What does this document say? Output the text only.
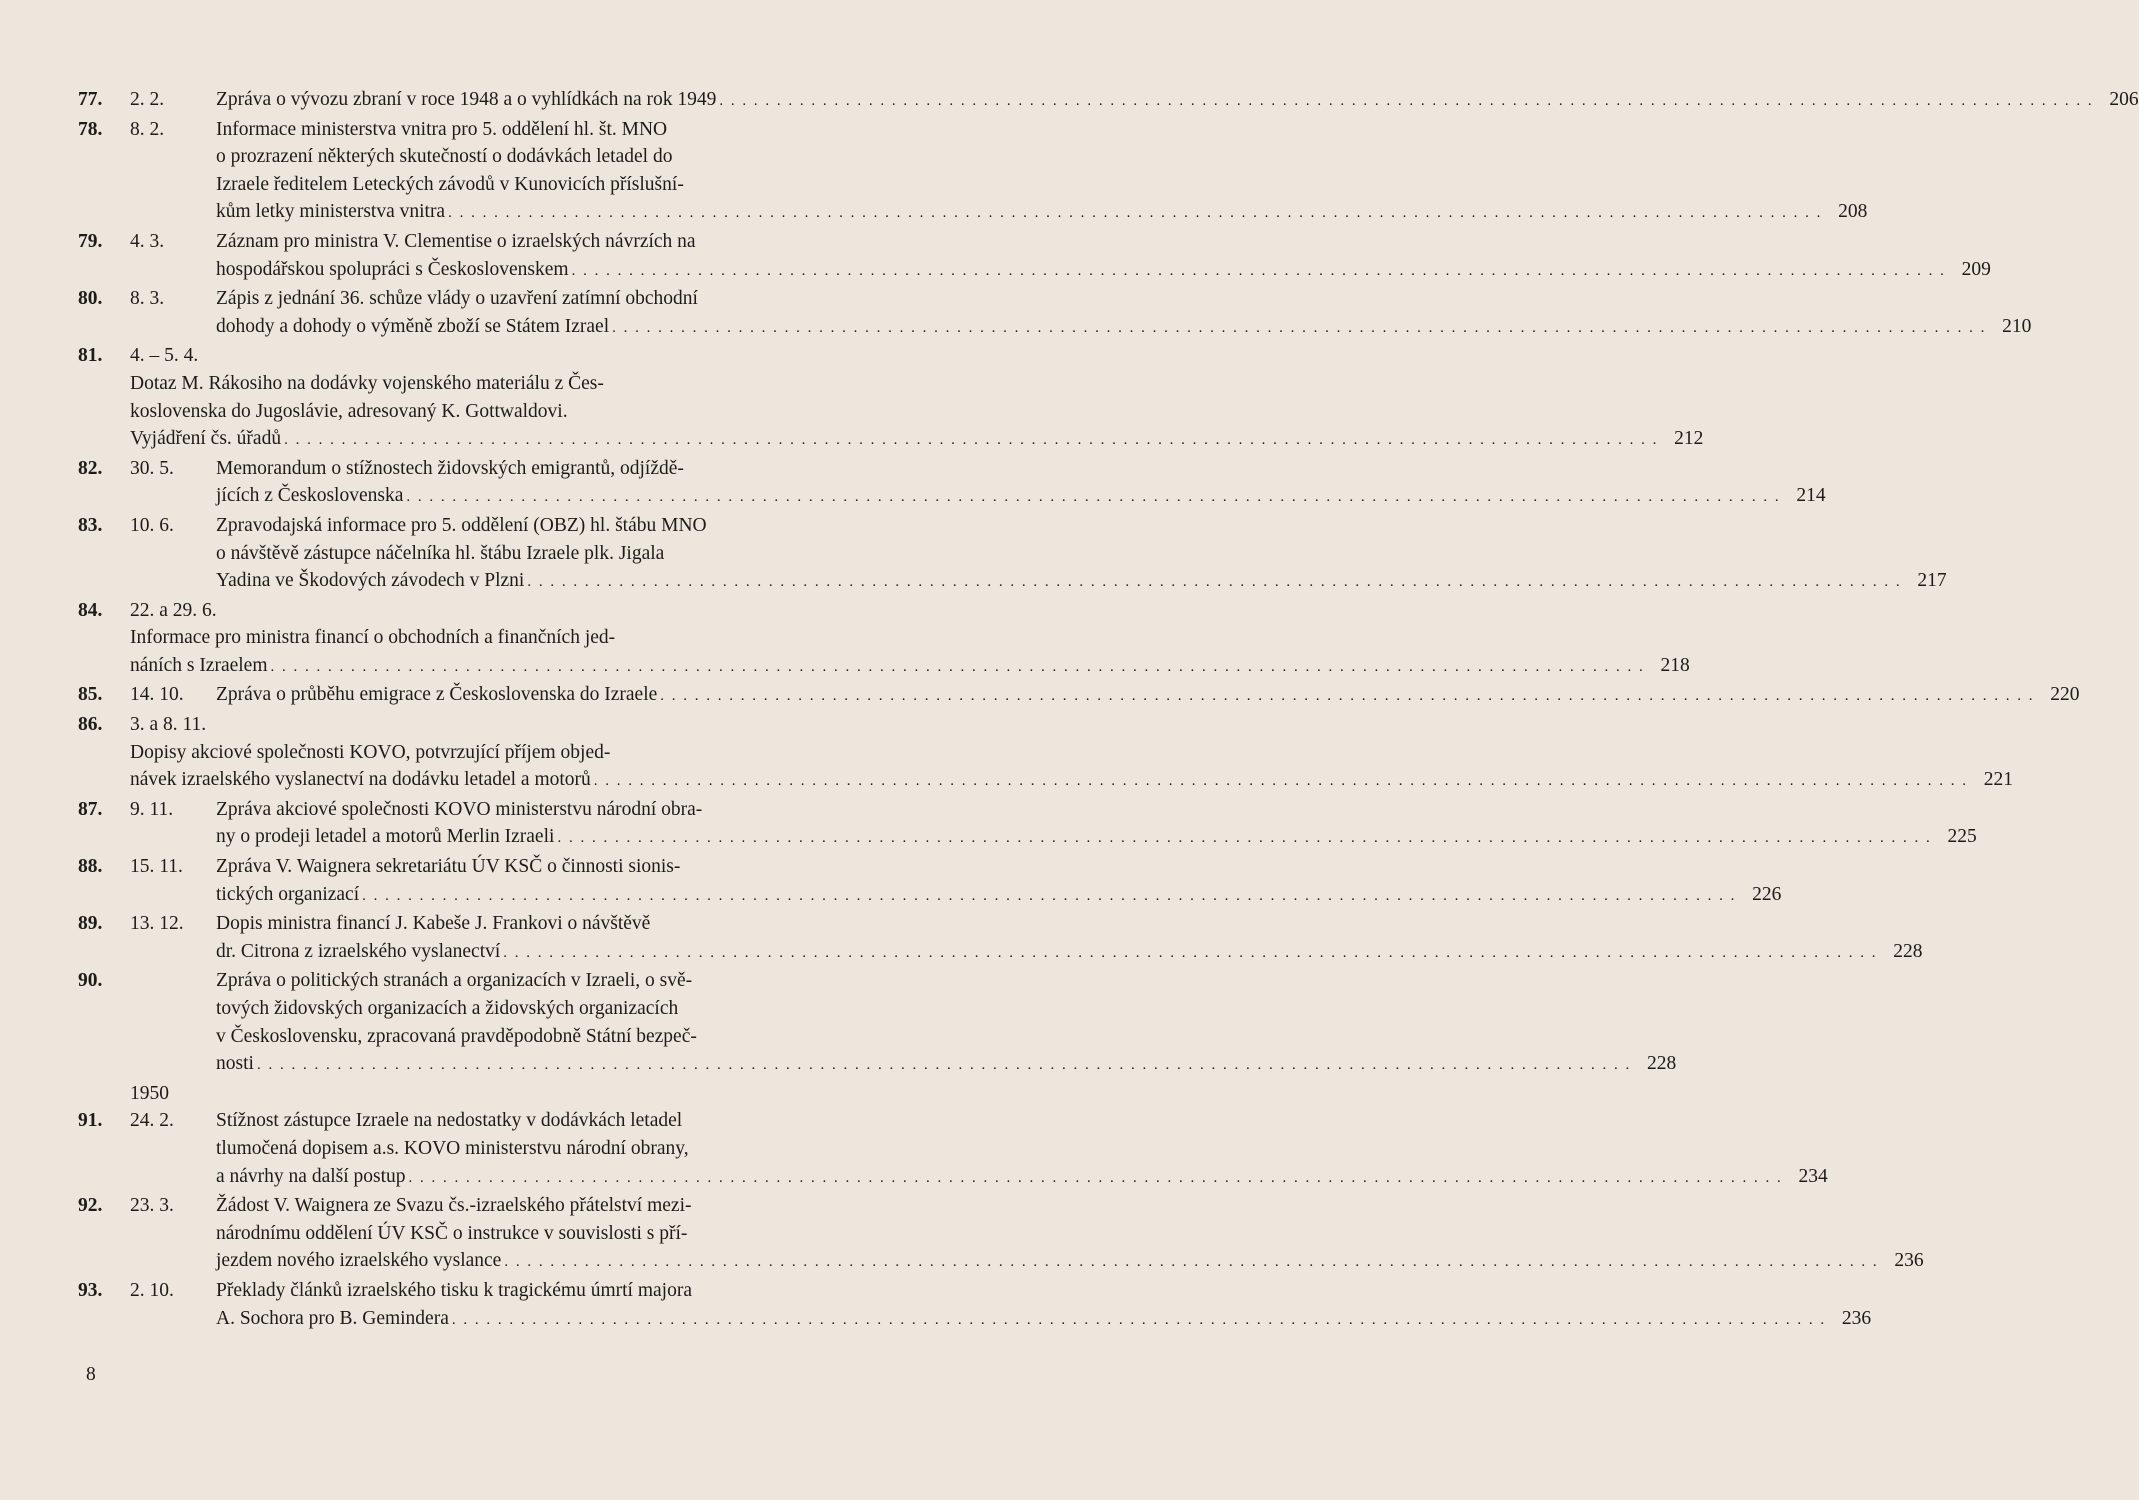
77.	2. 2.	Zpráva o vývozu zbraní v roce 1948 a o vyhlídkách na rok 1949 . . . . . . . . . . . . . . . . . . . . . . . . . . . . . . . . . . . . . . . . . . . . . . . . . . . . . . . . . . . . . . . . . . . . . . . . . . . . . . . . . . . . . . . . . . . . . . . . . . . . . . . . . . . . . . . . . . . . . . . . 206
78.	8. 2.	Informace ministerstva vnitra pro 5. oddělení hl. št. MNO
o prozrazení některých skutečností o dodávkách letadel do
Izraele ředitelem Leteckých závodů v Kunovicích příslušní-
kům letky ministerstva vnitra . . . . . . . . . . . . . . . . . . . . . . . . . . . . . . . . . . . . . . . . . . . . . . . . . . . . . . . . . . . . . . . . . . . . . . . . . . . . . . . . . . . . . . . . . . . . . . . . . . . . . . . . . . . . . . . . . . . . . . . . 208
79.	4. 3.	Záznam pro ministra V. Clementise o izraelských návrzích na
hospodářskou spolupráci s Československem . . . . . . . . . . . . . . . . . . . . . . . . . . . . . . . . . . . . . . . . . . . . . . . . . . . . . . . . . . . . . . . . . . . . . . . . . . . . . . . . . . . . . . . . . . . . . . . . . . . . . . . . . . . . . . . . . . . . . . . . 209
80.	8. 3.	Zápis z jednání 36. schůze vlády o uzavření zatímní obchodní
dohody a dohody o výměně zboží se Státem Izrael . . . . . . . . . . . . . . . . . . . . . . . . . . . . . . . . . . . . . . . . . . . . . . . . . . . . . . . . . . . . . . . . . . . . . . . . . . . . . . . . . . . . . . . . . . . . . . . . . . . . . . . . . . . . . . . . . . . . . . . . 210
81.	4. – 5. 4.
Dotaz M. Rákosiho na dodávky vojenského materiálu z Čes-
koslovenska do Jugoslávie, adresovaný K. Gottwaldovi.
Vyjádření čs. úřadů . . . . . . . . . . . . . . . . . . . . . . . . . . . . . . . . . . . . . . . . . . . . . . . . . . . . . . . . . . . . . . . . . . . . . . . . . . . . . . . . . . . . . . . . . . . . . . . . . . . . . . . . . . . . . . . . . . . . . . . . 212
82.	30. 5.	Memorandum o stížnostech židovských emigrantů, odjíždě-
jících z Československa . . . . . . . . . . . . . . . . . . . . . . . . . . . . . . . . . . . . . . . . . . . . . . . . . . . . . . . . . . . . . . . . . . . . . . . . . . . . . . . . . . . . . . . . . . . . . . . . . . . . . . . . . . . . . . . . . . . . . . . . 214
83.	10. 6.	Zpravodajská informace pro 5. oddělení (OBZ) hl. štábu MNO
o návštěvě zástupce náčelníka hl. štábu Izraele plk. Jigala
Yadina ve Škodových závodech v Plzni . . . . . . . . . . . . . . . . . . . . . . . . . . . . . . . . . . . . . . . . . . . . . . . . . . . . . . . . . . . . . . . . . . . . . . . . . . . . . . . . . . . . . . . . . . . . . . . . . . . . . . . . . . . . . . . . . . . . . . . . 217
84.	22. a 29. 6.
Informace pro ministra financí o obchodních a finančních jed-
náních s Izraelem . . . . . . . . . . . . . . . . . . . . . . . . . . . . . . . . . . . . . . . . . . . . . . . . . . . . . . . . . . . . . . . . . . . . . . . . . . . . . . . . . . . . . . . . . . . . . . . . . . . . . . . . . . . . . . . . . . . . . . . . 218
85.	14. 10.	Zpráva o průběhu emigrace z Československa do Izraele . . . . . . . . . . . . . . . . . . . . . . . . . . . . . . . . . . . . . . . . . . . . . . . . . . . . . . . . . . . . . . . . . . . . . . . . . . . . . . . . . . . . . . . . . . . . . . . . . . . . . . . . . . . . . . . . . . . . . . . . 220
86.	3. a 8. 11.
Dopisy akciové společnosti KOVO, potvrzující příjem objed-
návek izraelského vyslanectví na dodávku letadel a motorů . . . . . . . . . . . . . . . . . . . . . . . . . . . . . . . . . . . . . . . . . . . . . . . . . . . . . . . . . . . . . . . . . . . . . . . . . . . . . . . . . . . . . . . . . . . . . . . . . . . . . . . . . . . . . . . . . . . . . . . . 221
87.	9. 11.	Zpráva akciové společnosti KOVO ministerstvu národní obra-
ny o prodeji letadel a motorů Merlin Izraeli . . . . . . . . . . . . . . . . . . . . . . . . . . . . . . . . . . . . . . . . . . . . . . . . . . . . . . . . . . . . . . . . . . . . . . . . . . . . . . . . . . . . . . . . . . . . . . . . . . . . . . . . . . . . . . . . . . . . . . . . 225
88.	15. 11.	Zpráva V. Waignera sekretariátu ÚV KSČ o činnosti sionis-
tických organizací . . . . . . . . . . . . . . . . . . . . . . . . . . . . . . . . . . . . . . . . . . . . . . . . . . . . . . . . . . . . . . . . . . . . . . . . . . . . . . . . . . . . . . . . . . . . . . . . . . . . . . . . . . . . . . . . . . . . . . . . 226
89.	13. 12.	Dopis ministra financí J. Kabeše J. Frankovi o návštěvě
dr. Citrona z izraelského vyslanectví . . . . . . . . . . . . . . . . . . . . . . . . . . . . . . . . . . . . . . . . . . . . . . . . . . . . . . . . . . . . . . . . . . . . . . . . . . . . . . . . . . . . . . . . . . . . . . . . . . . . . . . . . . . . . . . . . . . . . . . . 228
90.	Zpráva o politických stranách a organizacích v Izraeli, o svě-
tových židovských organizacích a židovských organizacích
v Československu, zpracovaná pravděpodobně Státní bezpeč-
nosti . . . . . . . . . . . . . . . . . . . . . . . . . . . . . . . . . . . . . . . . . . . . . . . . . . . . . . . . . . . . . . . . . . . . . . . . . . . . . . . . . . . . . . . . . . . . . . . . . . . . . . . . . . . . . . . . . . . . . . . . 228
1950
91.	24. 2.	Stížnost zástupce Izraele na nedostatky v dodávkách letadel
tlumočená dopisem a.s. KOVO ministerstvu národní obrany,
a návrhy na další postup . . . . . . . . . . . . . . . . . . . . . . . . . . . . . . . . . . . . . . . . . . . . . . . . . . . . . . . . . . . . . . . . . . . . . . . . . . . . . . . . . . . . . . . . . . . . . . . . . . . . . . . . . . . . . . . . . . . . . . . . 234
92.	23. 3.	Žádost V. Waignera ze Svazu čs.-izraelského přátelství mezi-
národnímu oddělení ÚV KSČ o instrukce v souvislosti s pří-
jezdem nového izraelského vyslance . . . . . . . . . . . . . . . . . . . . . . . . . . . . . . . . . . . . . . . . . . . . . . . . . . . . . . . . . . . . . . . . . . . . . . . . . . . . . . . . . . . . . . . . . . . . . . . . . . . . . . . . . . . . . . . . . . . . . . . . 236
93.	2. 10.	Překlady článků izraelského tisku k tragickému úmrtí majora
A. Sochora pro B. Gemindera . . . . . . . . . . . . . . . . . . . . . . . . . . . . . . . . . . . . . . . . . . . . . . . . . . . . . . . . . . . . . . . . . . . . . . . . . . . . . . . . . . . . . . . . . . . . . . . . . . . . . . . . . . . . . . . . . . . . . . . . 236
8
